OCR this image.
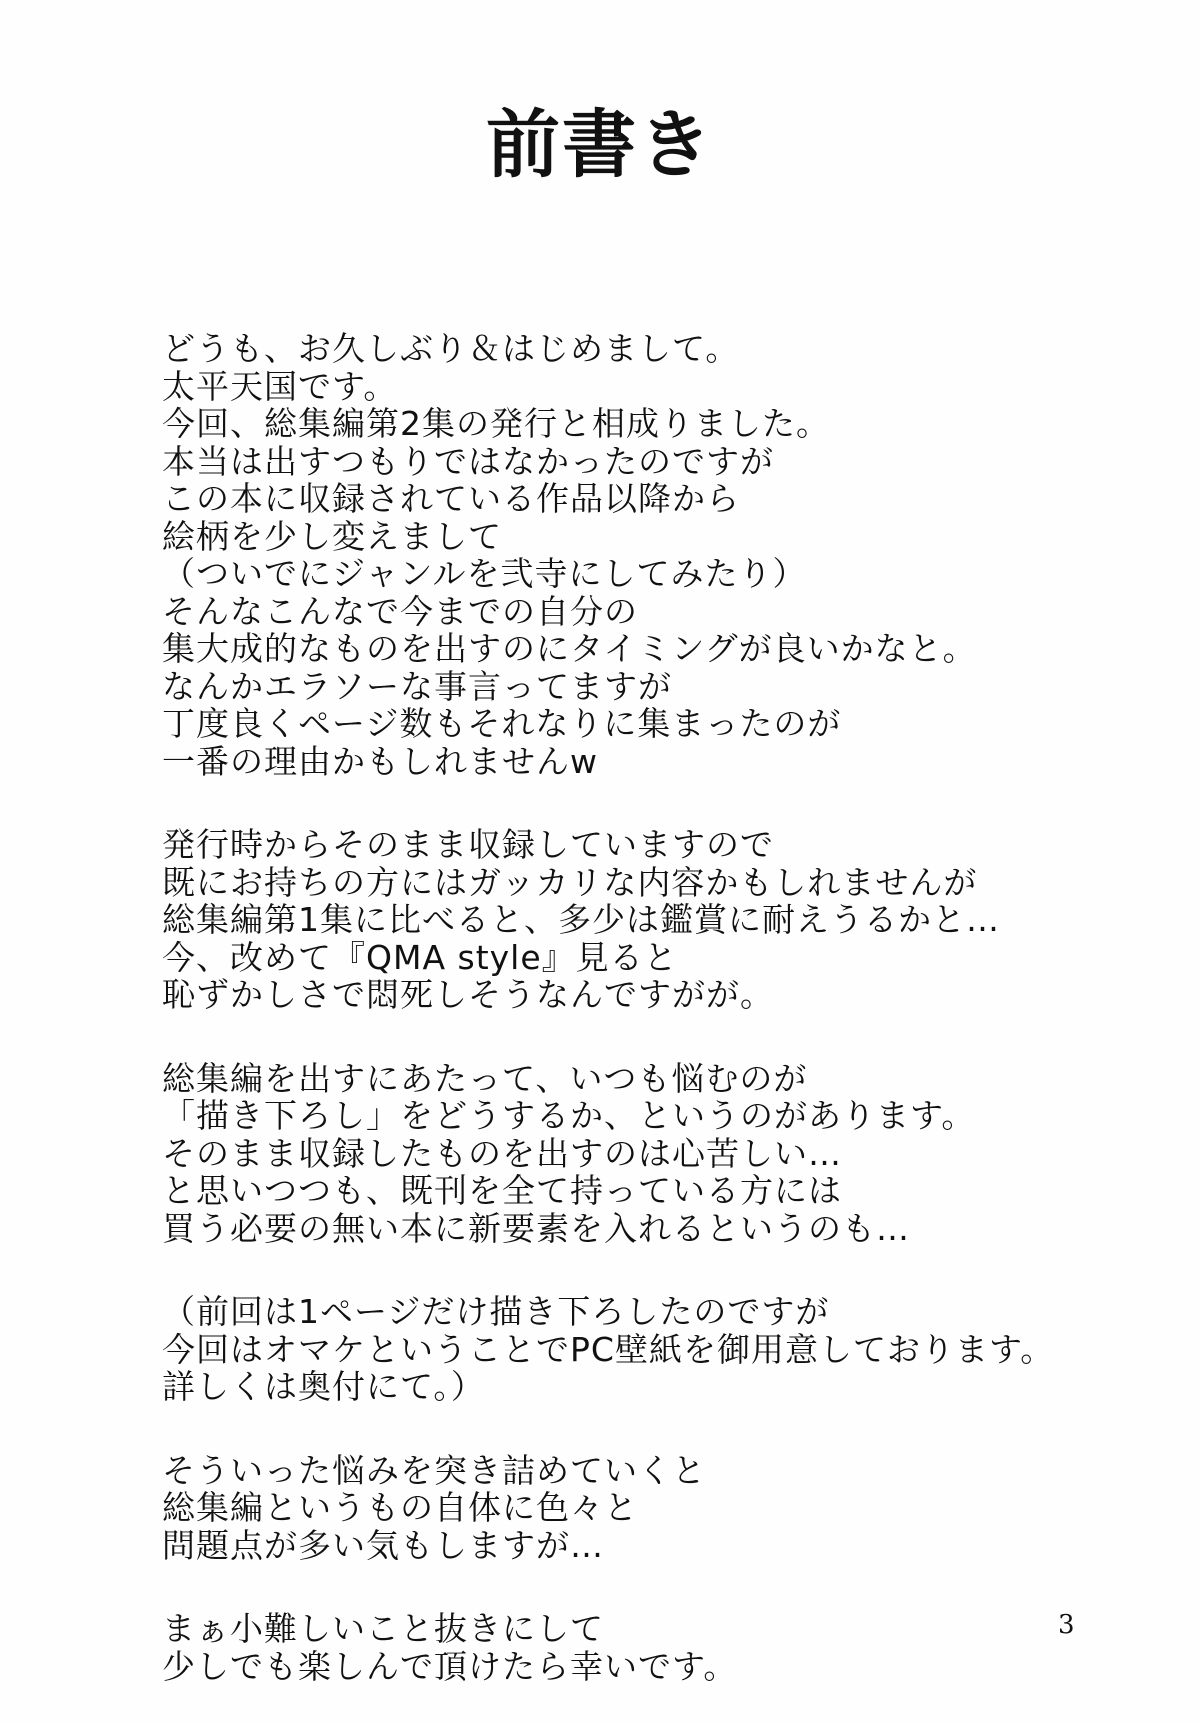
前書き
どうも、お久しぶり＆はじめまして。
太平天国です。
今回、総集編第2集の発行と相成りました。
本当は出すつもりではなかったのですが
この本に収録されている作品以降から
絵柄を少し変えまして
（ついでにジャンルを弐寺にしてみたり）
そんなこんなで今までの自分の
集大成的なものを出すのにタイミングが良いかなと。
なんかエラソーな事言ってますが
丁度良くページ数もそれなりに集まったのが
一番の理由かもしれませんw
発行時からそのまま収録していますので
既にお持ちの方にはガッカリな内容かもしれませんが
総集編第1集に比べると、多少は鑑賞に耐えうるかと…
今、改めて『QMA style』見ると
恥ずかしさで悶死しそうなんですがが。
総集編を出すにあたって、いつも悩むのが
「描き下ろし」をどうするか、というのがあります。
そのまま収録したものを出すのは心苦しい…
と思いつつも、既刊を全て持っている方には
買う必要の無い本に新要素を入れるというのも…
（前回は1ページだけ描き下ろしたのですが
今回はオマケということでPC壁紙を御用意しております。
詳しくは奥付にて。）
そういった悩みを突き詰めていくと
総集編というもの自体に色々と
問題点が多い気もしますが…
まぁ小難しいこと抜きにして
少しでも楽しんで頂けたら幸いです。
3
